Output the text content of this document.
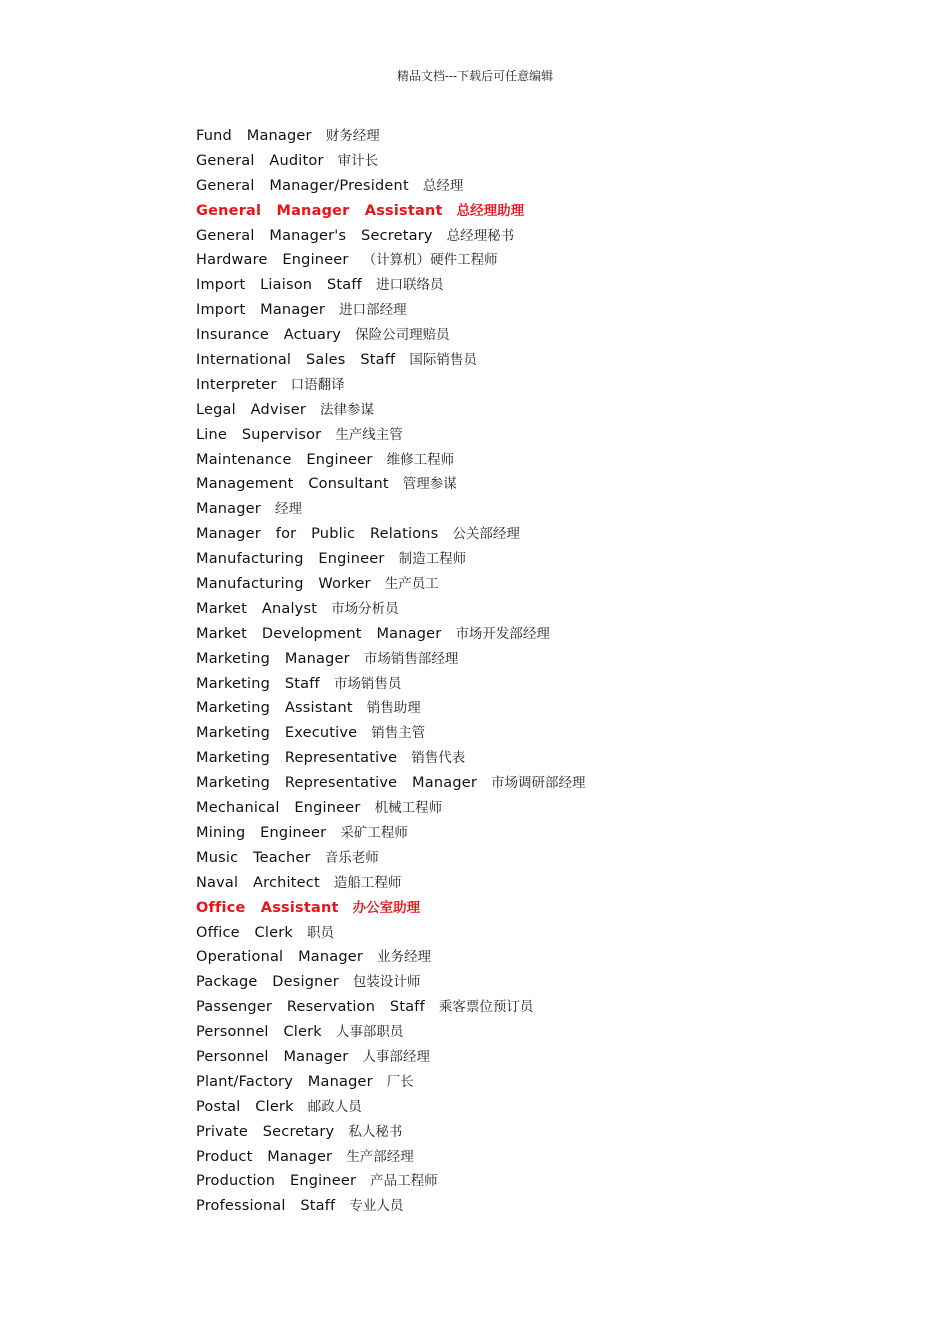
精品文档---下载后可任意编辑
Fund Manager 财务经理
General Auditor 审计长
General Manager/President 总经理
General Manager Assistant 总经理助理
General Manager's Secretary 总经理秘书
Hardware Engineer （计算机）硬件工程师
Import Liaison Staff 进口联络员
Import Manager 进口部经理
Insurance Actuary 保险公司理赔员
International Sales Staff 国际销售员
Interpreter 口语翻译
Legal Adviser 法律参谋
Line Supervisor 生产线主管
Maintenance Engineer 维修工程师
Management Consultant 管理参谋
Manager 经理
Manager for Public Relations 公关部经理
Manufacturing Engineer 制造工程师
Manufacturing Worker 生产员工
Market Analyst 市场分析员
Market Development Manager 市场开发部经理
Marketing Manager 市场销售部经理
Marketing Staff 市场销售员
Marketing Assistant 销售助理
Marketing Executive 销售主管
Marketing Representative 销售代表
Marketing Representative Manager 市场调研部经理
Mechanical Engineer 机械工程师
Mining Engineer 采矿工程师
Music Teacher 音乐老师
Naval Architect 造船工程师
Office Assistant 办公室助理
Office Clerk 职员
Operational Manager 业务经理
Package Designer 包装设计师
Passenger Reservation Staff 乘客票位预订员
Personnel Clerk 人事部职员
Personnel Manager 人事部经理
Plant/Factory Manager 厂长
Postal Clerk 邮政人员
Private Secretary 私人秘书
Product Manager 生产部经理
Production Engineer 产品工程师
Professional Staff 专业人员
